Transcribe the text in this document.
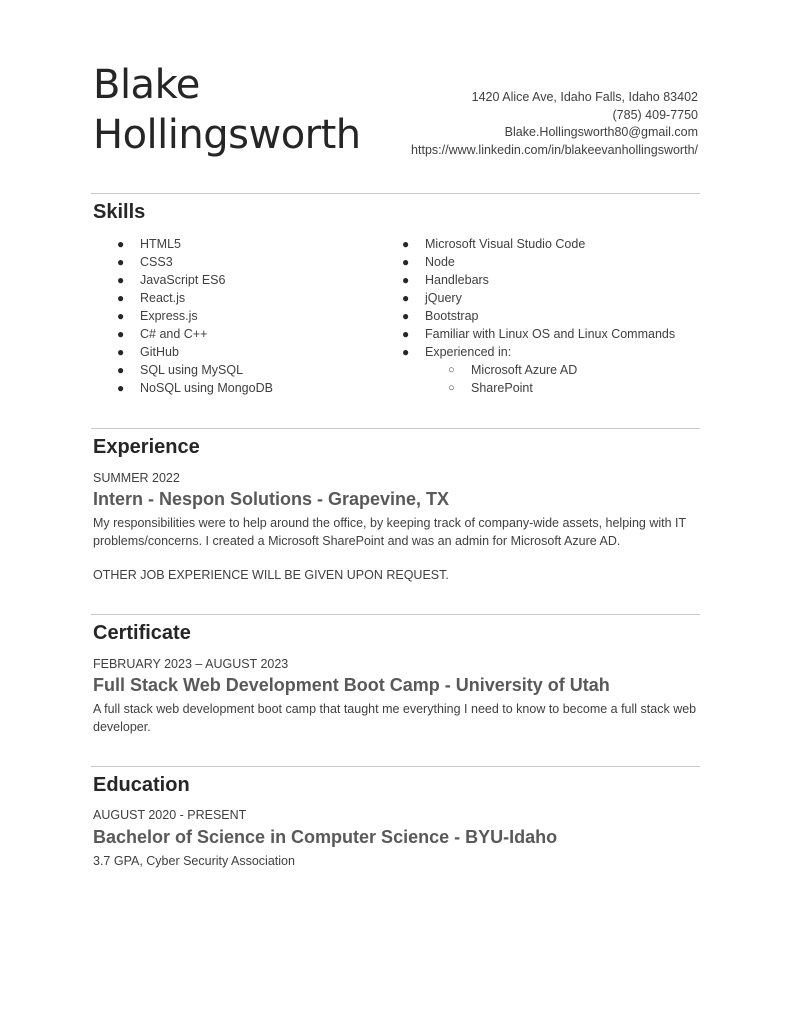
Blake
Hollingsworth
1420 Alice Ave, Idaho Falls, Idaho 83402
(785) 409-7750
Blake.Hollingsworth80@gmail.com
https://www.linkedin.com/in/blakeevanhollingsworth/
Skills
● HTML5
● CSS3
● JavaScript ES6
● React.js
● Express.js
● C# and C++
● GitHub
● SQL using MySQL
● NoSQL using MongoDB
● Microsoft Visual Studio Code
● Node
● Handlebars
● jQuery
● Bootstrap
● Familiar with Linux OS and Linux Commands
● Experienced in:
○ Microsoft Azure AD
○ SharePoint
Experience
SUMMER 2022
Intern - Nespon Solutions - Grapevine, TX
My responsibilities were to help around the office, by keeping track of company-wide assets, helping with IT problems/concerns. I created a Microsoft SharePoint and was an admin for Microsoft Azure AD.
OTHER JOB EXPERIENCE WILL BE GIVEN UPON REQUEST.
Certificate
FEBRUARY 2023 – AUGUST 2023
Full Stack Web Development Boot Camp - University of Utah
A full stack web development boot camp that taught me everything I need to know to become a full stack web developer.
Education
AUGUST 2020 - PRESENT
Bachelor of Science in Computer Science - BYU-Idaho
3.7 GPA, Cyber Security Association
